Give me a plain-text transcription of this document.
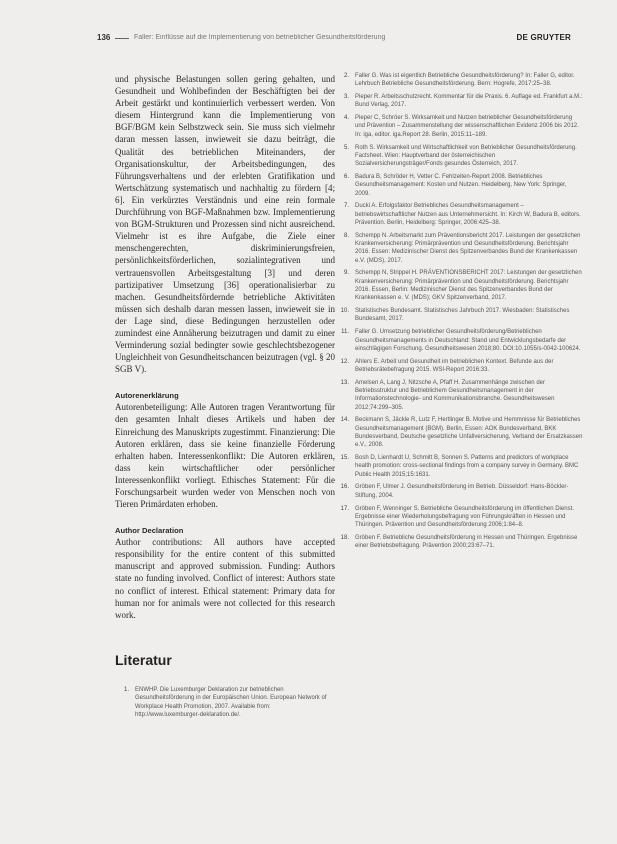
136	Faller: Einflüsse auf die Implementierung von betrieblicher Gesundheitsförderung	DE GRUYTER

und physische Belastungen sollen gering gehalten, und Gesundheit und Wohlbefinden der Beschäftigten bei der Arbeit gestärkt und kontinuierlich verbessert werden. Von diesem Hintergrund kann die Implementierung von BGF/BGM kein Selbstzweck sein. Sie muss sich vielmehr daran messen lassen, inwieweit sie dazu beiträgt, die Qualität des betrieblichen Miteinanders, der Organisationskultur, der Arbeitsbedingungen, des Führungsverhaltens und der erlebten Gratifikation und Wertschätzung systematisch und nachhaltig zu fördern [4; 6]. Ein verkürztes Verständnis und eine rein formale Durchführung von BGF-Maßnahmen bzw. Implementierung von BGM-Strukturen und Prozessen sind nicht ausreichend. Vielmehr ist es ihre Aufgabe, die Ziele einer menschengerechten, diskriminierungsfreien, persönlichkeitsförderlichen, sozialintegrativen und vertrauensvollen Arbeitsgestaltung [3] und deren partizipativer Umsetzung [36] operationalisierbar zu machen. Gesundheitsfördernde betriebliche Aktivitäten müssen sich deshalb daran messen lassen, inwieweit sie in der Lage sind, diese Bedingungen herzustellen oder zumindest eine Annäherung beizutragen und damit zu einer Verminderung sozial bedingter sowie geschlechtsbezogener Ungleichheit von Gesundheitschancen beizutragen (vgl. § 20 SGB V).

Autorenerklärung

Autorenbeteiligung: Alle Autoren tragen Verantwortung für den gesamten Inhalt dieses Artikels und haben der Einreichung des Manuskripts zugestimmt. Finanzierung: Die Autoren erklären, dass sie keine finanzielle Förderung erhalten haben. Interessenkonflikt: Die Autoren erklären, dass kein wirtschaftlicher oder persönlicher Interessenkonflikt vorliegt. Ethisches Statement: Für die Forschungsarbeit wurden weder von Menschen noch von Tieren Primärdaten erhoben.

Author Declaration

Author contributions: All authors have accepted responsibility for the entire content of this submitted manuscript and approved submission. Funding: Authors state no funding involved. Conflict of interest: Authors state no conflict of interest. Ethical statement: Primary data for human nor for animals were not collected for this research work.

Literatur
1.	ENWHP. Die Luxemburger Deklaration zur betrieblichen Gesundheitsförderung in der Europäischen Union. European Network of Workplace Health Promotion, 2007. Available from: http://www.luxemburger-deklaration.de/.
2.	Faller G. Was ist eigentlich Betriebliche Gesundheitsförderung? In: Faller G, editor. Lehrbuch Betriebliche Gesundheitsförderung. Bern: Hogrefe, 2017:25–38.
3.	Pieper R. Arbeitsschutzrecht. Kommentar für die Praxis. 6. Auflage ed. Frankfurt a.M.: Bund Verlag, 2017.
4.	Pieper C, Schröer S. Wirksamkeit und Nutzen betrieblicher Gesundheitsförderung und Prävention – Zusammenstellung der wissenschaftlichen Evidenz 2006 bis 2012. In: iga, editor. iga.Report 28. Berlin, 2015:11–189.
5.	Roth S. Wirksamkeit und Wirtschaftlichkeit von Betrieblicher Gesundheitsförderung. Factsheet. Wien: Hauptverband der österreichischen Sozialversicherungsträger/Fonds gesundes Österreich, 2017.
6.	Badura B, Schröder H, Vetter C. Fehlzeiten-Report 2008. Betriebliches Gesundheitsmanagement: Kosten und Nutzen. Heidelberg, New York: Springer, 2009.
7.	Ducki A. Erfolgsfaktor Betriebliches Gesundheitsmanagement – betriebswirtschaftlicher Nutzen aus Unternehmersicht. In: Kirch W, Badura B, editors. Prävention. Berlin, Heidelberg: Springer, 2006:425–38.
8.	Schempp N. Arbeitsmarkt zum Präventionsbericht 2017. Leistungen der gesetzlichen Krankenversicherung: Primärprävention und Gesundheitsförderung. Berichtsjahr 2016. Essen: Medizinischer Dienst des Spitzenverbandes Bund der Krankenkassen e.V. (MDS), 2017.
9.	Schempp N, Strippel H. PRÄVENTIONSBERICHT 2017: Leistungen der gesetzlichen Krankenversicherung: Primärprävention und Gesundheitsförderung. Berichtsjahr 2016. Essen, Berlin: Medizinischer Dienst des Spitzenverbandes Bund der Krankenkassen e. V. (MDS); GKV Spitzenverband, 2017.
10.	Statistisches Bundesamt. Statistisches Jahrbuch 2017. Wiesbaden: Statistisches Bundesamt, 2017.
11.	Faller G. Umsetzung betrieblicher Gesundheitsförderung/Betrieblichen Gesundheitsmanagements in Deutschland: Stand und Entwicklungsbedarfe der einschlägigen Forschung. Gesundheitswesen 2018;80. DOI:10.1055/s-0042-100624.
12.	Ahlers E. Arbeit und Gesundheit im betrieblichen Kontext. Befunde aus der Betriebsrätebefragung 2015. WSI-Report 2016;33.
13.	Amelsen A, Lang J, Nitzsche A, Pfaff H. Zusammenhänge zwischen der Betriebsstruktur und Betrieblichem Gesundheitsmanagement in der Informationstechnologie- und Kommunikationsbranche. Gesundheitswesen 2012;74:299–305.
14.	Beckmann S, Jäckle R, Lutz F, Hertlinger B. Motive und Hemmnisse für Betriebliches Gesundheitsmanagement (BGM). Berlin, Essen: AOK Bundesverband, BKK Bundesverband, Deutsche gesetzliche Unfallversicherung, Verband der Ersatzkassen e.V., 2008.
15.	Bosh D, Lienhardt U, Schmitt B, Sonnen S. Patterns and predictors of workplace health promotion: cross-sectional findings from a company survey in Germany. BMC Public Health 2015;15:1631.
16.	Gröben F, Ulmer J. Gesundheitsförderung im Betrieb. Düsseldorf: Hans-Böckler-Stiftung, 2004.
17.	Gröben F, Wenninger S. Betriebliche Gesundheitsförderung im öffentlichen Dienst. Ergebnisse einer Wiederholungsbefragung von Führungskräften in Hessen und Thüringen. Prävention und Gesundheitsförderung 2006;1:84–8.
18.	Gröben F. Betriebliche Gesundheitsförderung in Hessen und Thüringen. Ergebnisse einer Betriebsbefragung. Prävention 2000;23:67–71.
